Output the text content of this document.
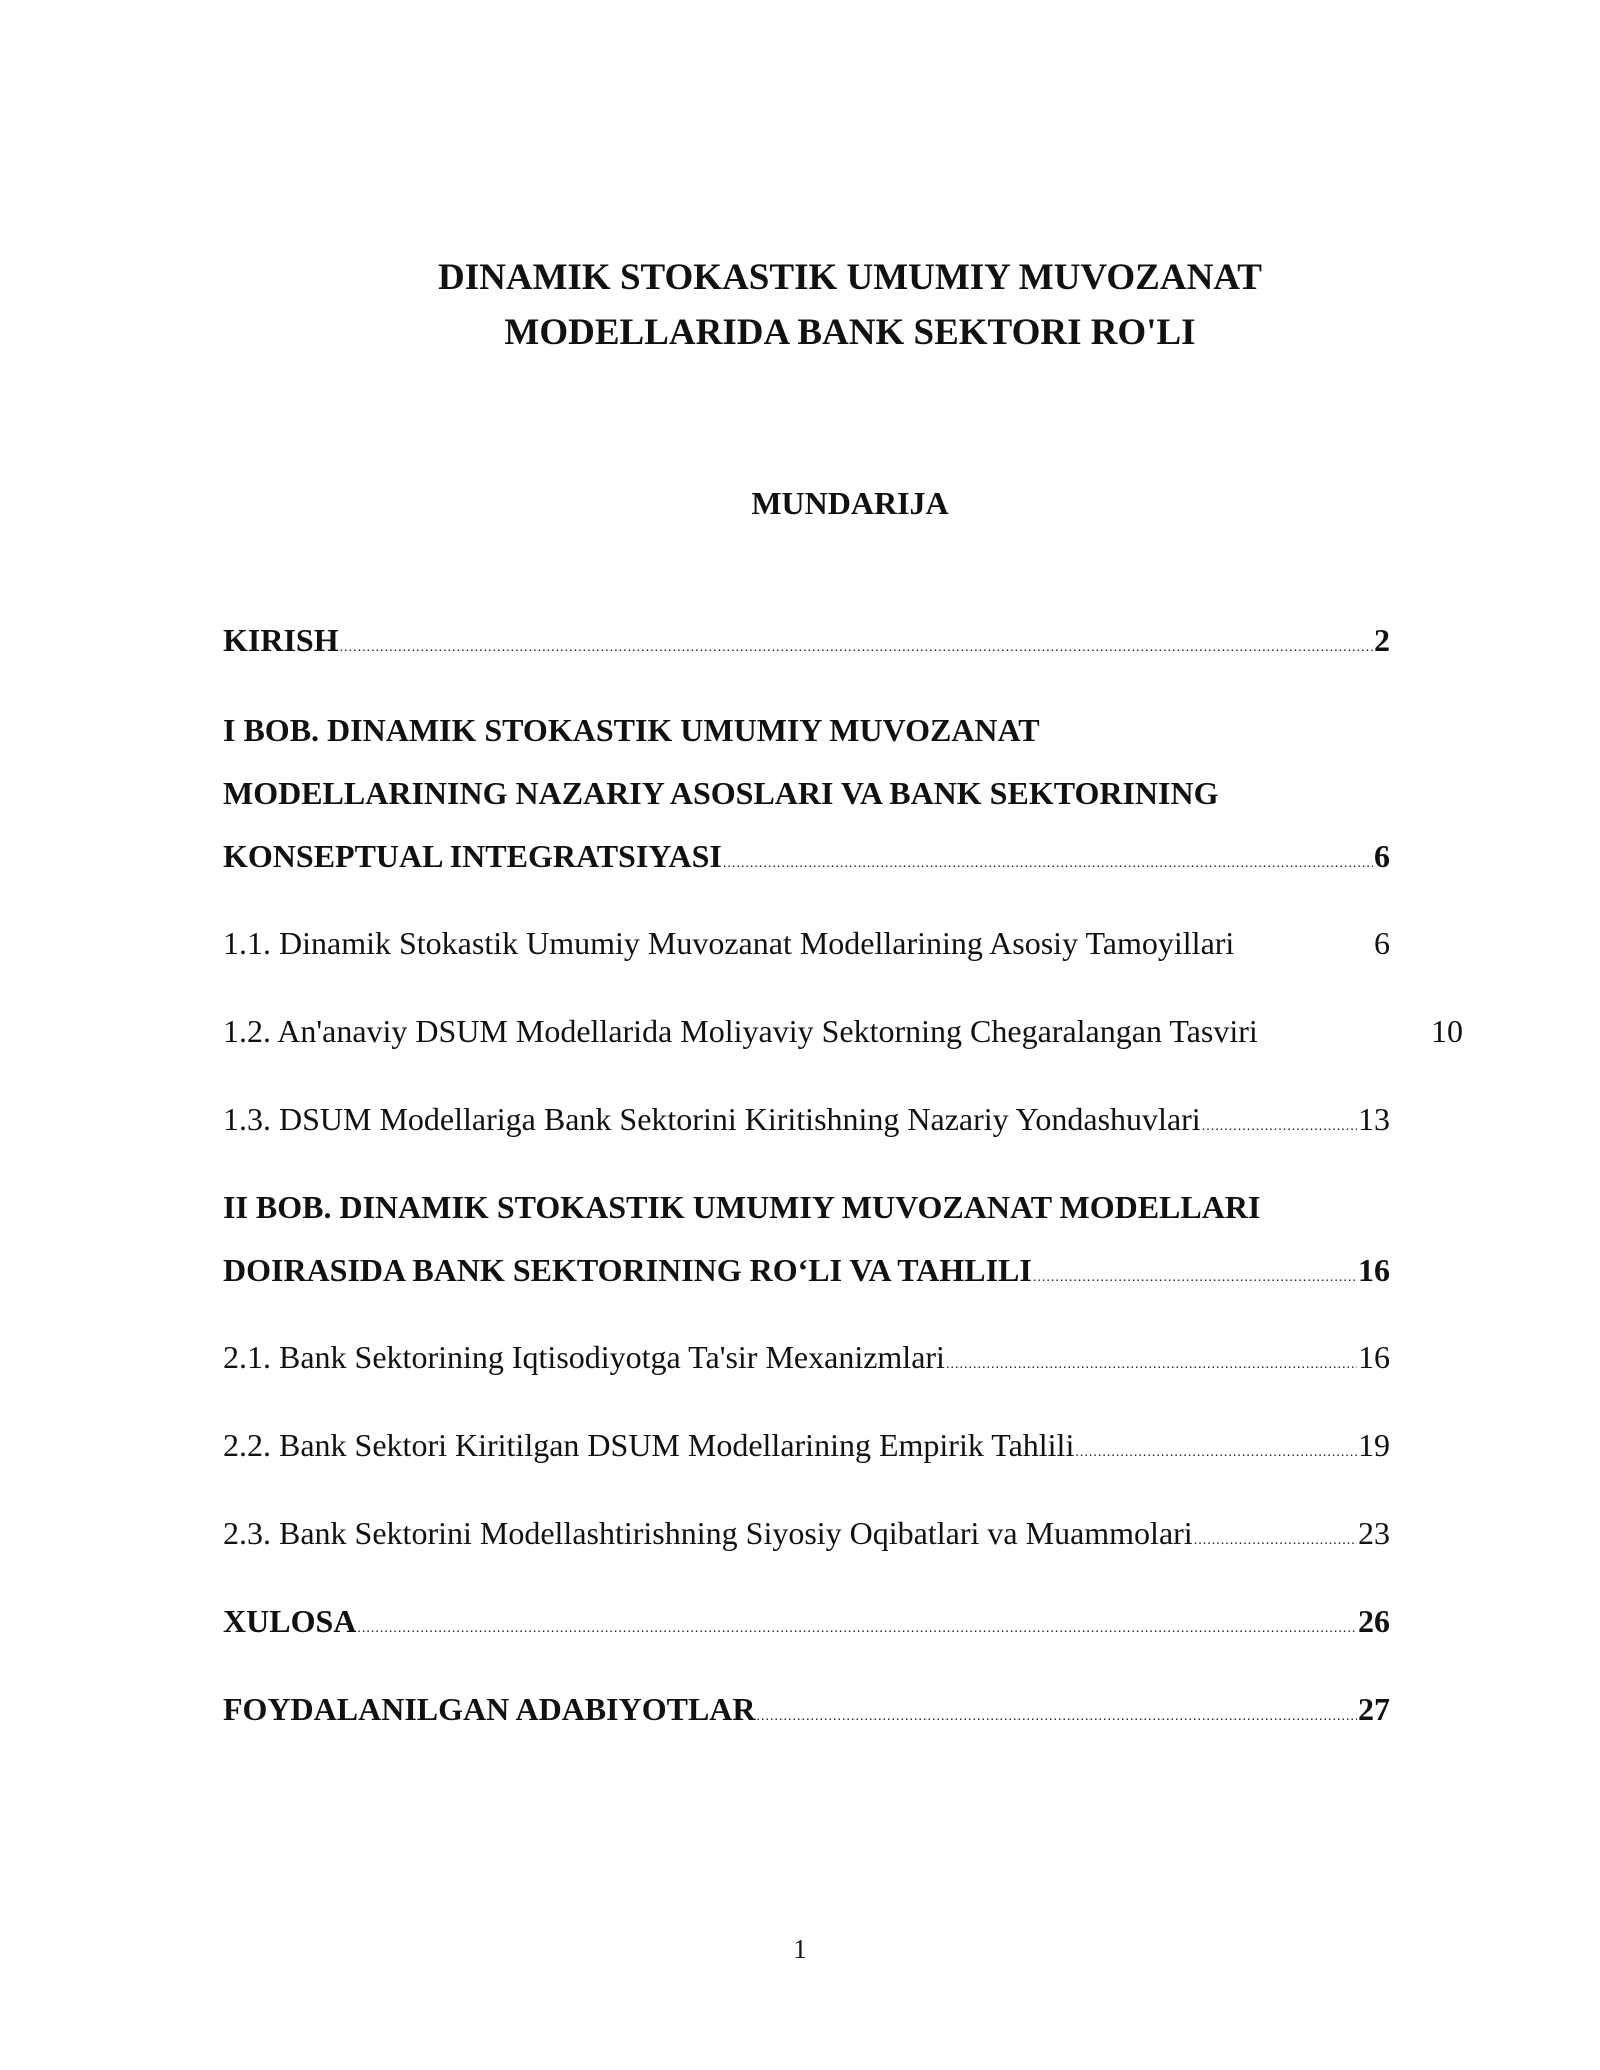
DINAMIK STOKASTIK UMUMIY MUVOZANAT
MODELLARIDA BANK SEKTORI RO'LI
MUNDARIJA
KIRISH .....	2
I BOB. DINAMIK STOKASTIK UMUMIY MUVOZANAT
MODELLARINING NAZARIY ASOSLARI VA BANK SEKTORINING
KONSEPTUAL INTEGRATSIYASI .....	6
1.1. Dinamik Stokastik Umumiy Muvozanat Modellarining Asosiy Tamoyillari	6
1.2. An'anaviy DSUM Modellarida Moliyaviy Sektorning Chegaralangan Tasviri	10
1.3. DSUM Modellariga Bank Sektorini Kiritishning Nazariy Yondashuvlari .....	13
II BOB. DINAMIK STOKASTIK UMUMIY MUVOZANAT MODELLARI
DOIRASIDA BANK SEKTORINING RO‘LI VA TAHLILI .....	16
2.1. Bank Sektorining Iqtisodiyotga Ta'sir Mexanizmlari .....	16
2.2. Bank Sektori Kiritilgan DSUM Modellarining Empirik Tahlili .....	19
2.3. Bank Sektorini Modellashtirishning Siyosiy Oqibatlari va Muammolari .....	23
XULOSA .....	26
FOYDALANILGAN ADABIYOTLAR .....	27
1
